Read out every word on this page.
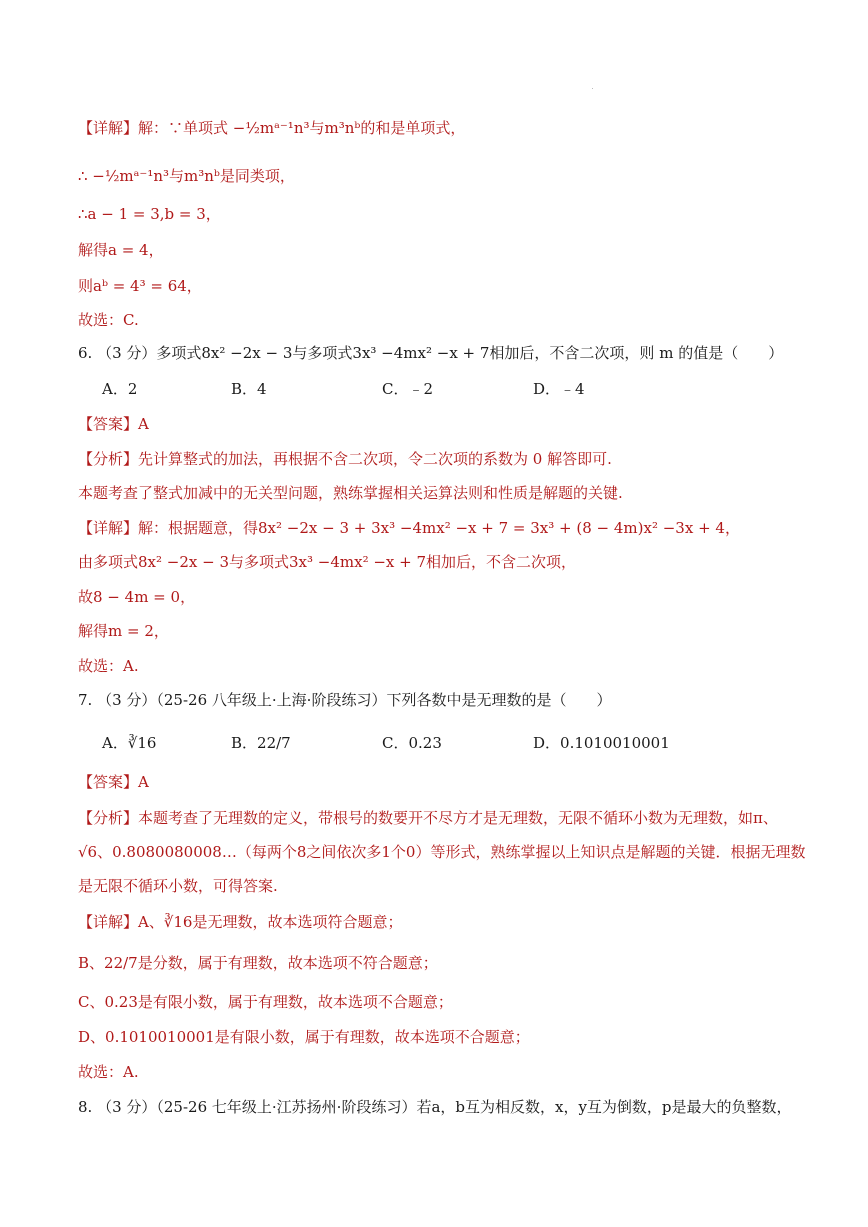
【详解】解：∵单项式 −½mᵃ⁻¹n³与m³nᵇ的和是单项式，
∴ −½mᵃ⁻¹n³与m³nᵇ是同类项，
∴a − 1 = 3,b = 3，
解得a = 4，
则aᵇ = 4³ = 64，
故选：C.
6. （3 分）多项式8x² −2x − 3与多项式3x³ −4mx² −x + 7相加后，不含二次项，则 m 的值是（　　）
A．2	B．4	C．﹣2	D．﹣4
【答案】A
【分析】先计算整式的加法，再根据不含二次项，令二次项的系数为 0 解答即可.
本题考查了整式加减中的无关型问题，熟练掌握相关运算法则和性质是解题的关键.
【详解】解：根据题意，得8x² −2x − 3 + 3x³ −4mx² −x + 7 = 3x³ + (8 − 4m)x² −3x + 4，
由多项式8x² −2x − 3与多项式3x³ −4mx² −x + 7相加后，不含二次项，
故8 − 4m = 0，
解得m = 2，
故选：A.
7. （3 分）（25-26 八年级上·上海·阶段练习）下列各数中是无理数的是（　　）
A．∛16	B．22/7	C．0.23	D．0.1010010001
【答案】A
【分析】本题考查了无理数的定义，带根号的数要开不尽方才是无理数，无限不循环小数为无理数，如π、
√6、0.8080080008…（每两个8之间依次多1个0）等形式，熟练掌握以上知识点是解题的关键．根据无理数
是无限不循环小数，可得答案.
【详解】A、∛16是无理数，故本选项符合题意；
B、22/7是分数，属于有理数，故本选项不符合题意；
C、0.23是有限小数，属于有理数，故本选项不合题意；
D、0.1010010001是有限小数，属于有理数，故本选项不合题意；
故选：A.
8. （3 分）（25-26 七年级上·江苏扬州·阶段练习）若a，b互为相反数，x，y互为倒数，p是最大的负整数，
